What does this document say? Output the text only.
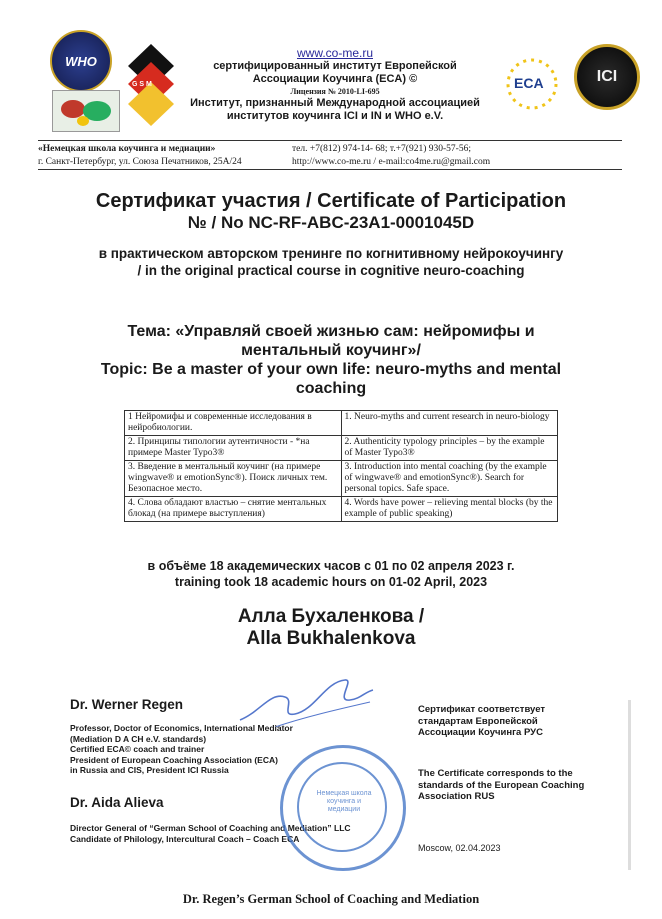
WHO
G S M	ECA	ICI
www.co-me.ru
сертифицированный институт Европейской
Ассоциации Коучинга (ECA) ©
Лицензия № 2010-LI-695
Институт, признанный Международной ассоциацией
институтов коучинга ICI и IN и WHO e.V.
«Немецкая школа коучинга и медиации»
г. Санкт-Петербург, ул. Союза Печатников, 25А/24
тел. +7(812) 974-14- 68; т.+7(921) 930-57-56;
http://www.co-me.ru / e-mail:co4me.ru@gmail.com
Сертификат участия / Certificate of Participation
№ / No NC-RF-ABC-23A1-0001045D
в практическом авторском тренинге по когнитивному нейрокоучингу / in the original practical course in cognitive neuro-coaching
Тема: «Управляй своей жизнью сам: нейромифы и ментальный коучинг»/
Topic: Be a master of your own life: neuro-myths and mental coaching
1 Нейромифы и современные исследования в нейробиологии.	1. Neuro-myths and current research in neuro-biology
2. Принципы типологии аутентичности - *на примере Master Typo3®	2. Authenticity typology principles – by the example of Master Typo3®
3. Введение в ментальный коучинг (на примере wingwave® и emotionSync®). Поиск личных тем. Безопасное место.	3. Introduction into mental coaching (by the example of wingwave® and emotionSync®). Search for personal topics. Safe space.
4. Слова обладают властью – снятие ментальных блокад (на примере выступления)	4. Words have power – relieving mental blocks (by the example of public speaking)
в объёме 18 академических часов с 01 по 02 апреля 2023 г.
training took 18 academic hours on 01-02 April, 2023
Алла Бухаленкова /
Alla Bukhalenkova
Dr. Werner Regen
Professor, Doctor of Economics, International Mediator
(Mediation D A CH e.V. standards)
Certified ECA© coach and trainer
President of European Coaching Association (ECA)
in Russia and CIS, President ICI Russia
Dr. Aida Alieva
Director General of “German School of Coaching and Mediation” LLC
Candidate of Philology, Intercultural Coach – Coach ECA
Немецкая школа коучинга и медиации
Сертификат соответствует стандартам Европейской Ассоциации Коучинга РУС
The Certificate corresponds to the standards of the European Coaching Association RUS
Moscow, 02.04.2023
Dr. Regen’s German School of Coaching and Mediation
